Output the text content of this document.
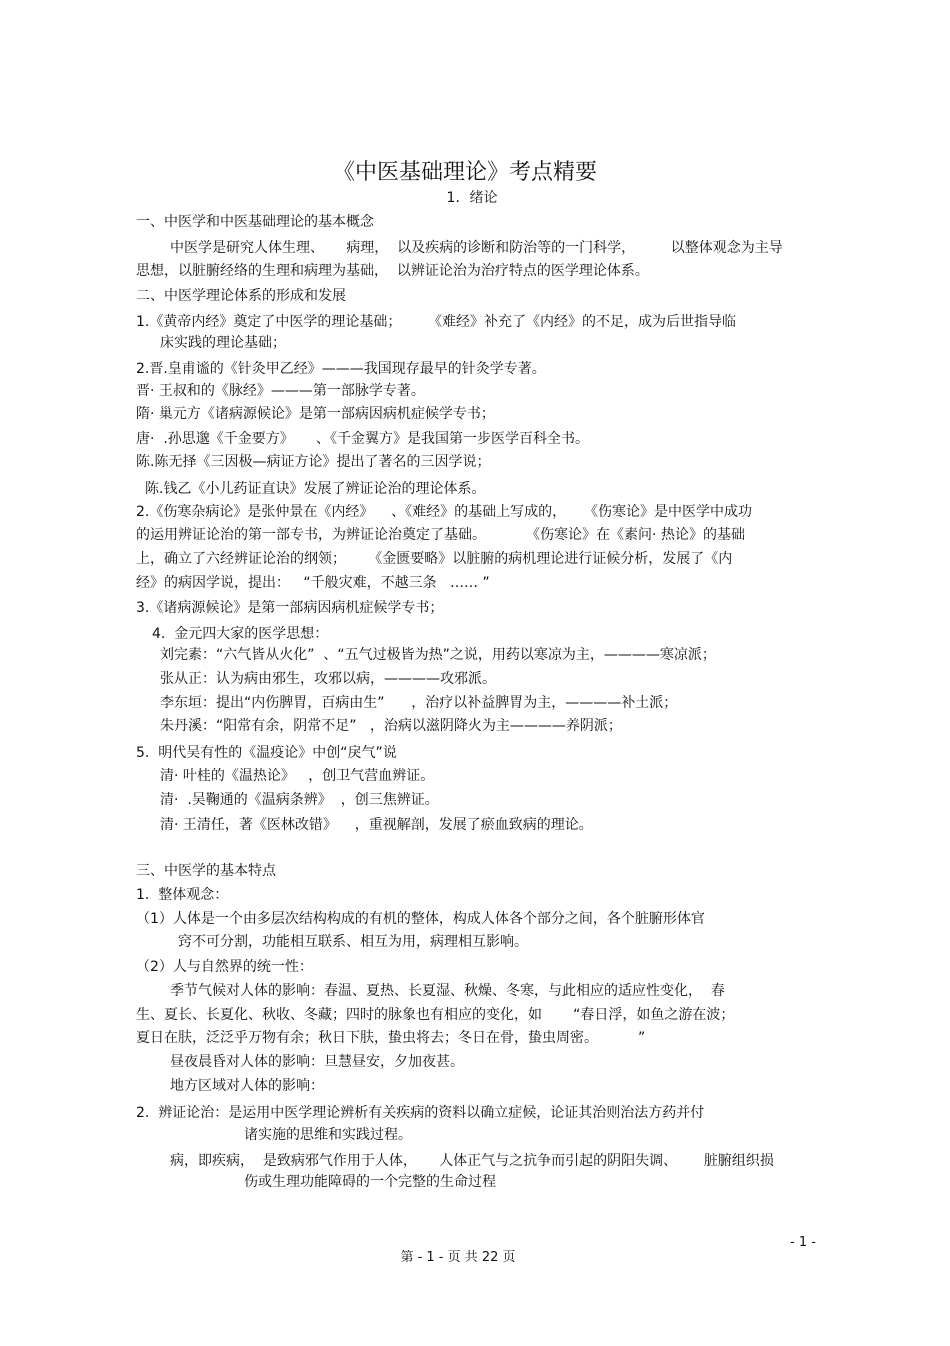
《中医基础理论》考点精要
1．绪论
一、中医学和中医基础理论的基本概念
中医学是研究人体生理、     病理，  以及疾病的诊断和防治等的一门科学，        以整体观念为主导
思想，以脏腑经络的生理和病理为基础，  以辨证论治为治疗特点的医学理论体系。
二、中医学理论体系的形成和发展
1.《黄帝内经》奠定了中医学的理论基础；      《难经》补充了《内经》的不足，成为后世指导临
床实践的理论基础；
2.晋.皇甫谧的《针灸甲乙经》———我国现存最早的针灸学专著。
晋· 王叔和的《脉经》———第一部脉学专著。
隋· 巢元方《诸病源候论》是第一部病因病机症候学专书；
唐·  .孙思邈《千金要方》     、《千金翼方》是我国第一步医学百科全书。
陈.陈无择《三因极—病证方论》提出了著名的三因学说；
陈.钱乙《小儿药证直诀》发展了辨证论治的理论体系。
2.《伤寒杂病论》是张仲景在《内经》    、《难经》的基础上写成的，    《伤寒论》是中医学中成功
的运用辨证论治的第一部专书，为辨证论治奠定了基础。         《伤寒论》在《素问· 热论》的基础
上，确立了六经辨证论治的纲领；     《金匮要略》以脏腑的病机理论进行证候分析，发展了《内
经》的病因学说，提出：   “千般灾难，不越三条   …… ”
3.《诸病源候论》是第一部病因病机症候学专书；
4.  金元四大家的医学思想：
刘完素：“六气皆从火化”  、“五气过极皆为热”之说，用药以寒凉为主，————寒凉派；
张从正：认为病由邪生，攻邪以病，————攻邪派。
李东垣：提出“内伤脾胃，百病由生”      ，治疗以补益脾胃为主，————补土派；
朱丹溪：“阳常有余，阴常不足”   ，治病以滋阴降火为主————养阴派；
5.  明代吴有性的《温疫论》中创“戾气”说
清· 叶桂的《温热论》   ，创卫气营血辨证。
清·  .吴鞠通的《温病条辨》  ，创三焦辨证。
清· 王清任，著《医林改错》    ，重视解剖，发展了瘀血致病的理论。
三、中医学的基本特点
1.  整体观念：
（1）人体是一个由多层次结构构成的有机的整体，构成人体各个部分之间，各个脏腑形体官
窍不可分割，功能相互联系、相互为用，病理相互影响。
（2）人与自然界的统一性：
季节气候对人体的影响：春温、夏热、长夏湿、秋燥、冬寒，与此相应的适应性变化，  春
生、夏长、长夏化、秋收、冬藏；四时的脉象也有相应的变化，如       “春日浮，如鱼之游在波；
夏日在肤，泛泛乎万物有余；秋日下肤，蛰虫将去；冬日在骨，蛰虫周密。         ”
昼夜晨昏对人体的影响：旦慧昼安，夕加夜甚。
地方区域对人体的影响：
2.  辨证论治：是运用中医学理论辨析有关疾病的资料以确立症候，论证其治则治法方药并付
诸实施的思维和实践过程。
病，即疾病，  是致病邪气作用于人体，     人体正气与之抗争而引起的阴阳失调、      脏腑组织损
伤或生理功能障碍的一个完整的生命过程
- 1 -
第 - 1 - 页 共 22 页
